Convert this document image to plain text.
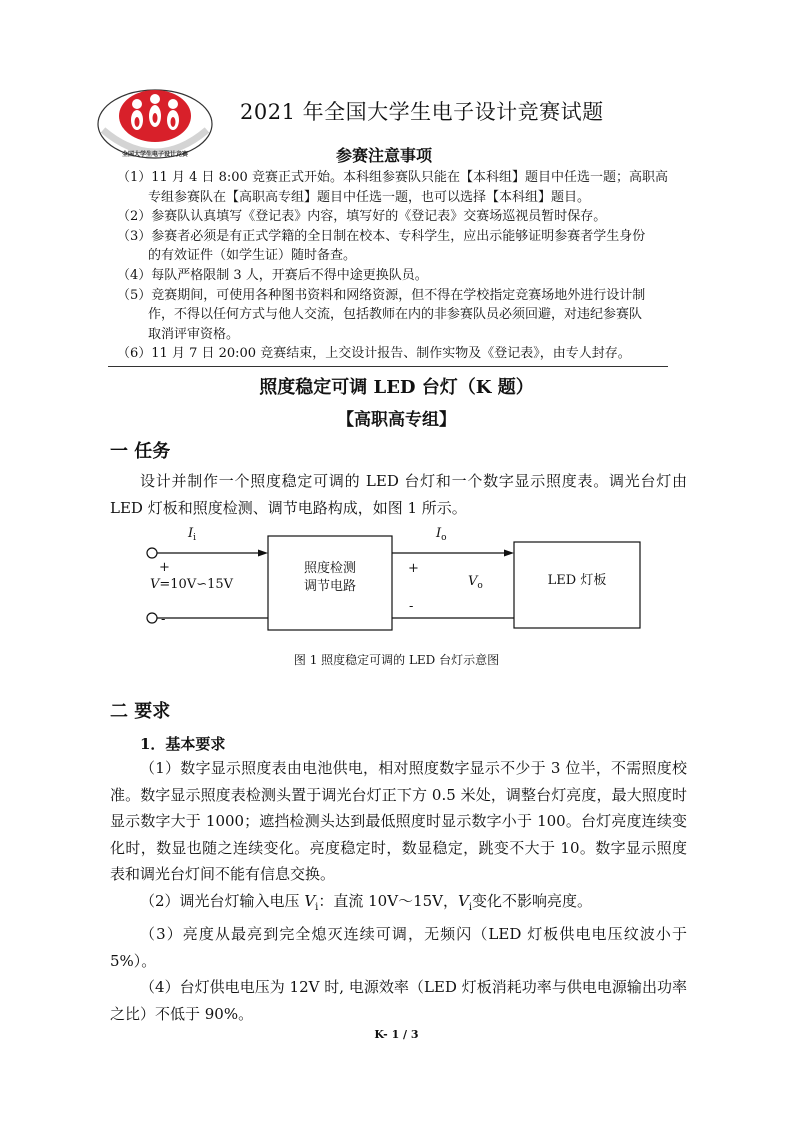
全国大学生电子设计竞赛
2021 年全国大学生电子设计竞赛试题
参赛注意事项
（1）11 月 4 日 8:00 竞赛正式开始。本科组参赛队只能在【本科组】题目中任选一题；高职高
专组参赛队在【高职高专组】题目中任选一题，也可以选择【本科组】题目。
（2）参赛队认真填写《登记表》内容，填写好的《登记表》交赛场巡视员暂时保存。
（3）参赛者必须是有正式学籍的全日制在校本、专科学生，应出示能够证明参赛者学生身份
的有效证件（如学生证）随时备查。
（4）每队严格限制 3 人，开赛后不得中途更换队员。
（5）竞赛期间，可使用各种图书资料和网络资源，但不得在学校指定竞赛场地外进行设计制
作，不得以任何方式与他人交流，包括教师在内的非参赛队员必须回避，对违纪参赛队
取消评审资格。
（6）11 月 7 日 20:00 竞赛结束，上交设计报告、制作实物及《登记表》，由专人封存。
照度稳定可调 LED 台灯（K 题）
【高职高专组】
一 任务

设计并制作一个照度稳定可调的 LED 台灯和一个数字显示照度表。调光台灯由 LED 灯板和照度检测、调节电路构成，如图 1 所示。

$I_i$
+
V=10V∽15V
-
照度检测
调节电路
$I_o$
+
$V_o$
-
LED 灯板
图 1 照度稳定可调的 LED 台灯示意图
二 要求
1．基本要求

（1）数字显示照度表由电池供电，相对照度数字显示不少于 3 位半，不需照度校准。数字显示照度表检测头置于调光台灯正下方 0.5 米处，调整台灯亮度，最大照度时显示数字大于 1000；遮挡检测头达到最低照度时显示数字小于 100。台灯亮度连续变化时，数显也随之连续变化。亮度稳定时，数显稳定，跳变不大于 10。数字显示照度表和调光台灯间不能有信息交换。

（2）调光台灯输入电压 $V_i$：直流 10V～15V，$V_i$变化不影响亮度。

（3）亮度从最亮到完全熄灭连续可调，无频闪（LED 灯板供电电压纹波小于 5%）。

（4）台灯供电电压为 12V 时, 电源效率（LED 灯板消耗功率与供电电源输出功率之比）不低于 90%。

K- 1 / 3
